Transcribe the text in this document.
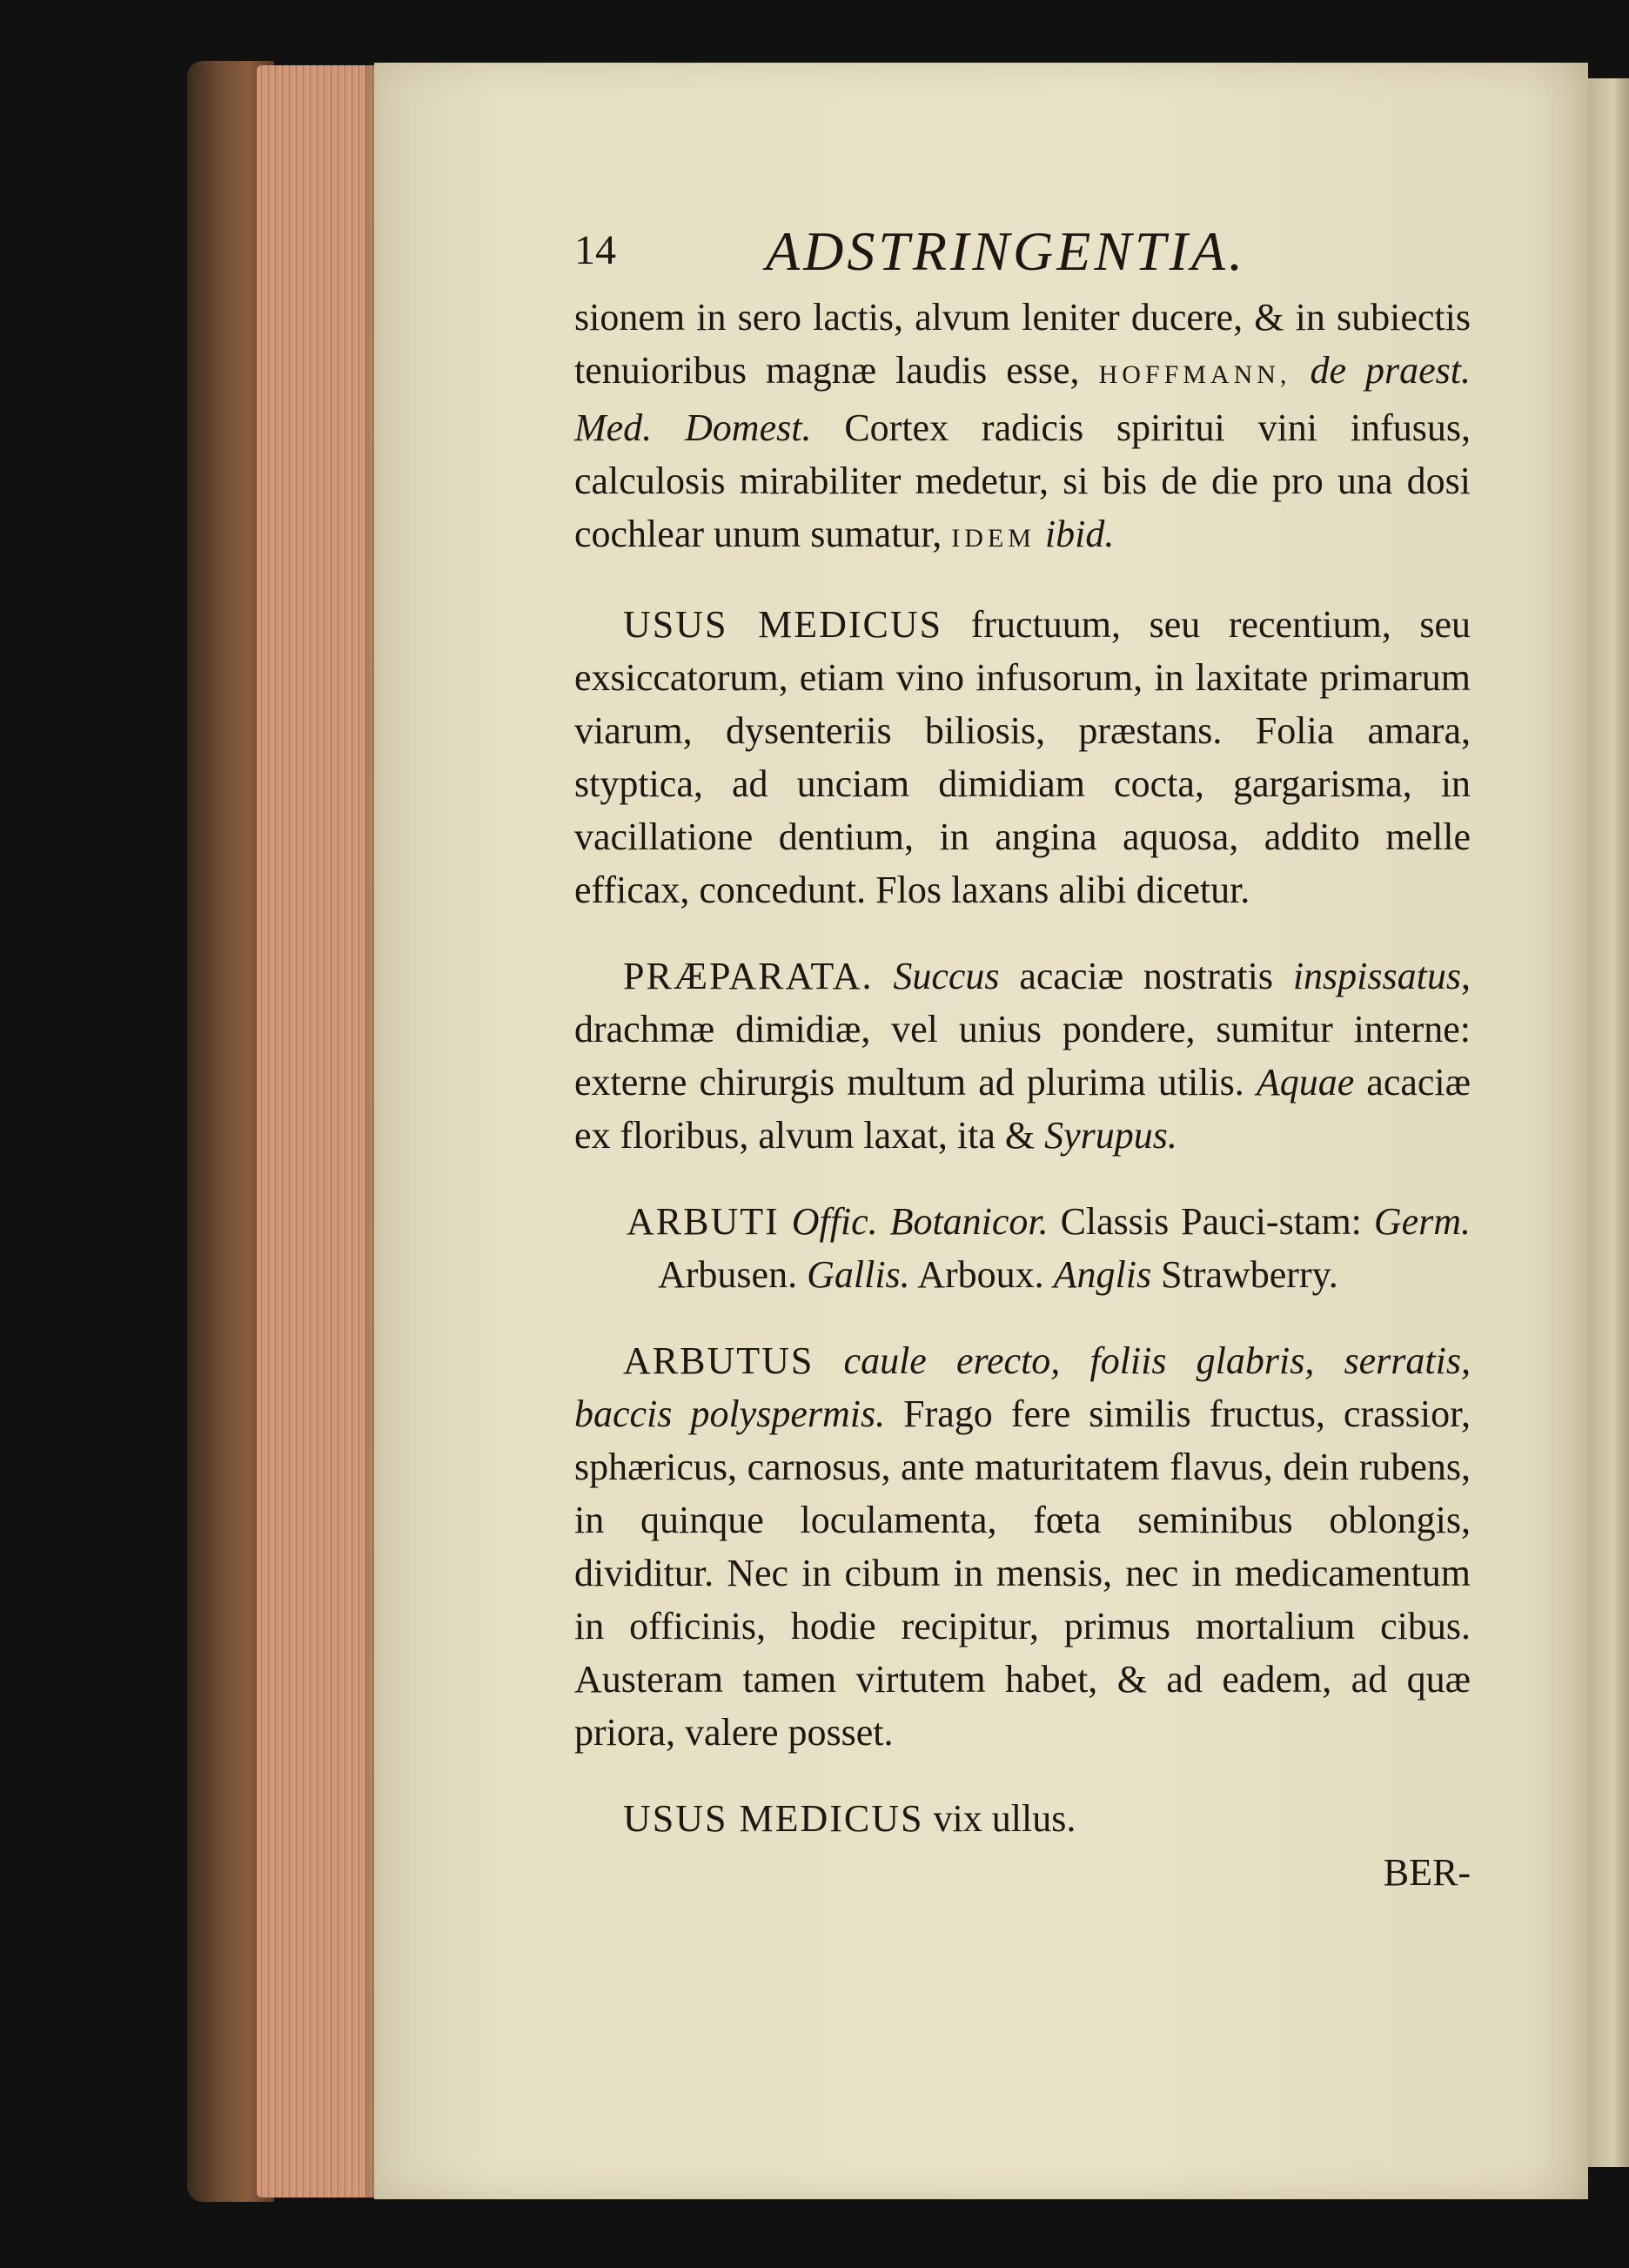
14	ADSTRINGENTIA.

sionem in sero lactis, alvum leniter ducere, & in subiectis tenuioribus magnæ laudis esse, HOFFMANN, de praest. Med. Domest. Cortex radicis spiritui vini infusus, calculosis mirabiliter medetur, si bis de die pro una dosi cochlear unum sumatur, IDEM ibid.

USUS MEDICUS fructuum, seu recentium, seu exsiccatorum, etiam vino infusorum, in laxitate primarum viarum, dysenteriis biliosis, præstans. Folia amara, styptica, ad unciam dimidiam cocta, gargarisma, in vacillatione dentium, in angina aquosa, addito melle efficax, concedunt. Flos laxans alibi dicetur.

PRÆPARATA. Succus acaciæ nostratis inspissatus, drachmæ dimidiæ, vel unius pondere, sumitur interne: externe chirurgis multum ad plurima utilis. Aquae acaciæ ex floribus, alvum laxat, ita & Syrupus.

ARBUTI Offic. Botanicor. Classis Pauci-stam: Germ. Arbusen. Gallis. Arboux. Anglis Strawberry.

ARBUTUS caule erecto, foliis glabris, serratis, baccis polyspermis. Frago fere similis fructus, crassior, sphæricus, carnosus, ante maturitatem flavus, dein rubens, in quinque loculamenta, fœta seminibus oblongis, dividitur. Nec in cibum in mensis, nec in medicamentum in officinis, hodie recipitur, primus mortalium cibus. Austeram tamen virtutem habet, & ad eadem, ad quæ priora, valere posset.

USUS MEDICUS vix ullus.

BER-
